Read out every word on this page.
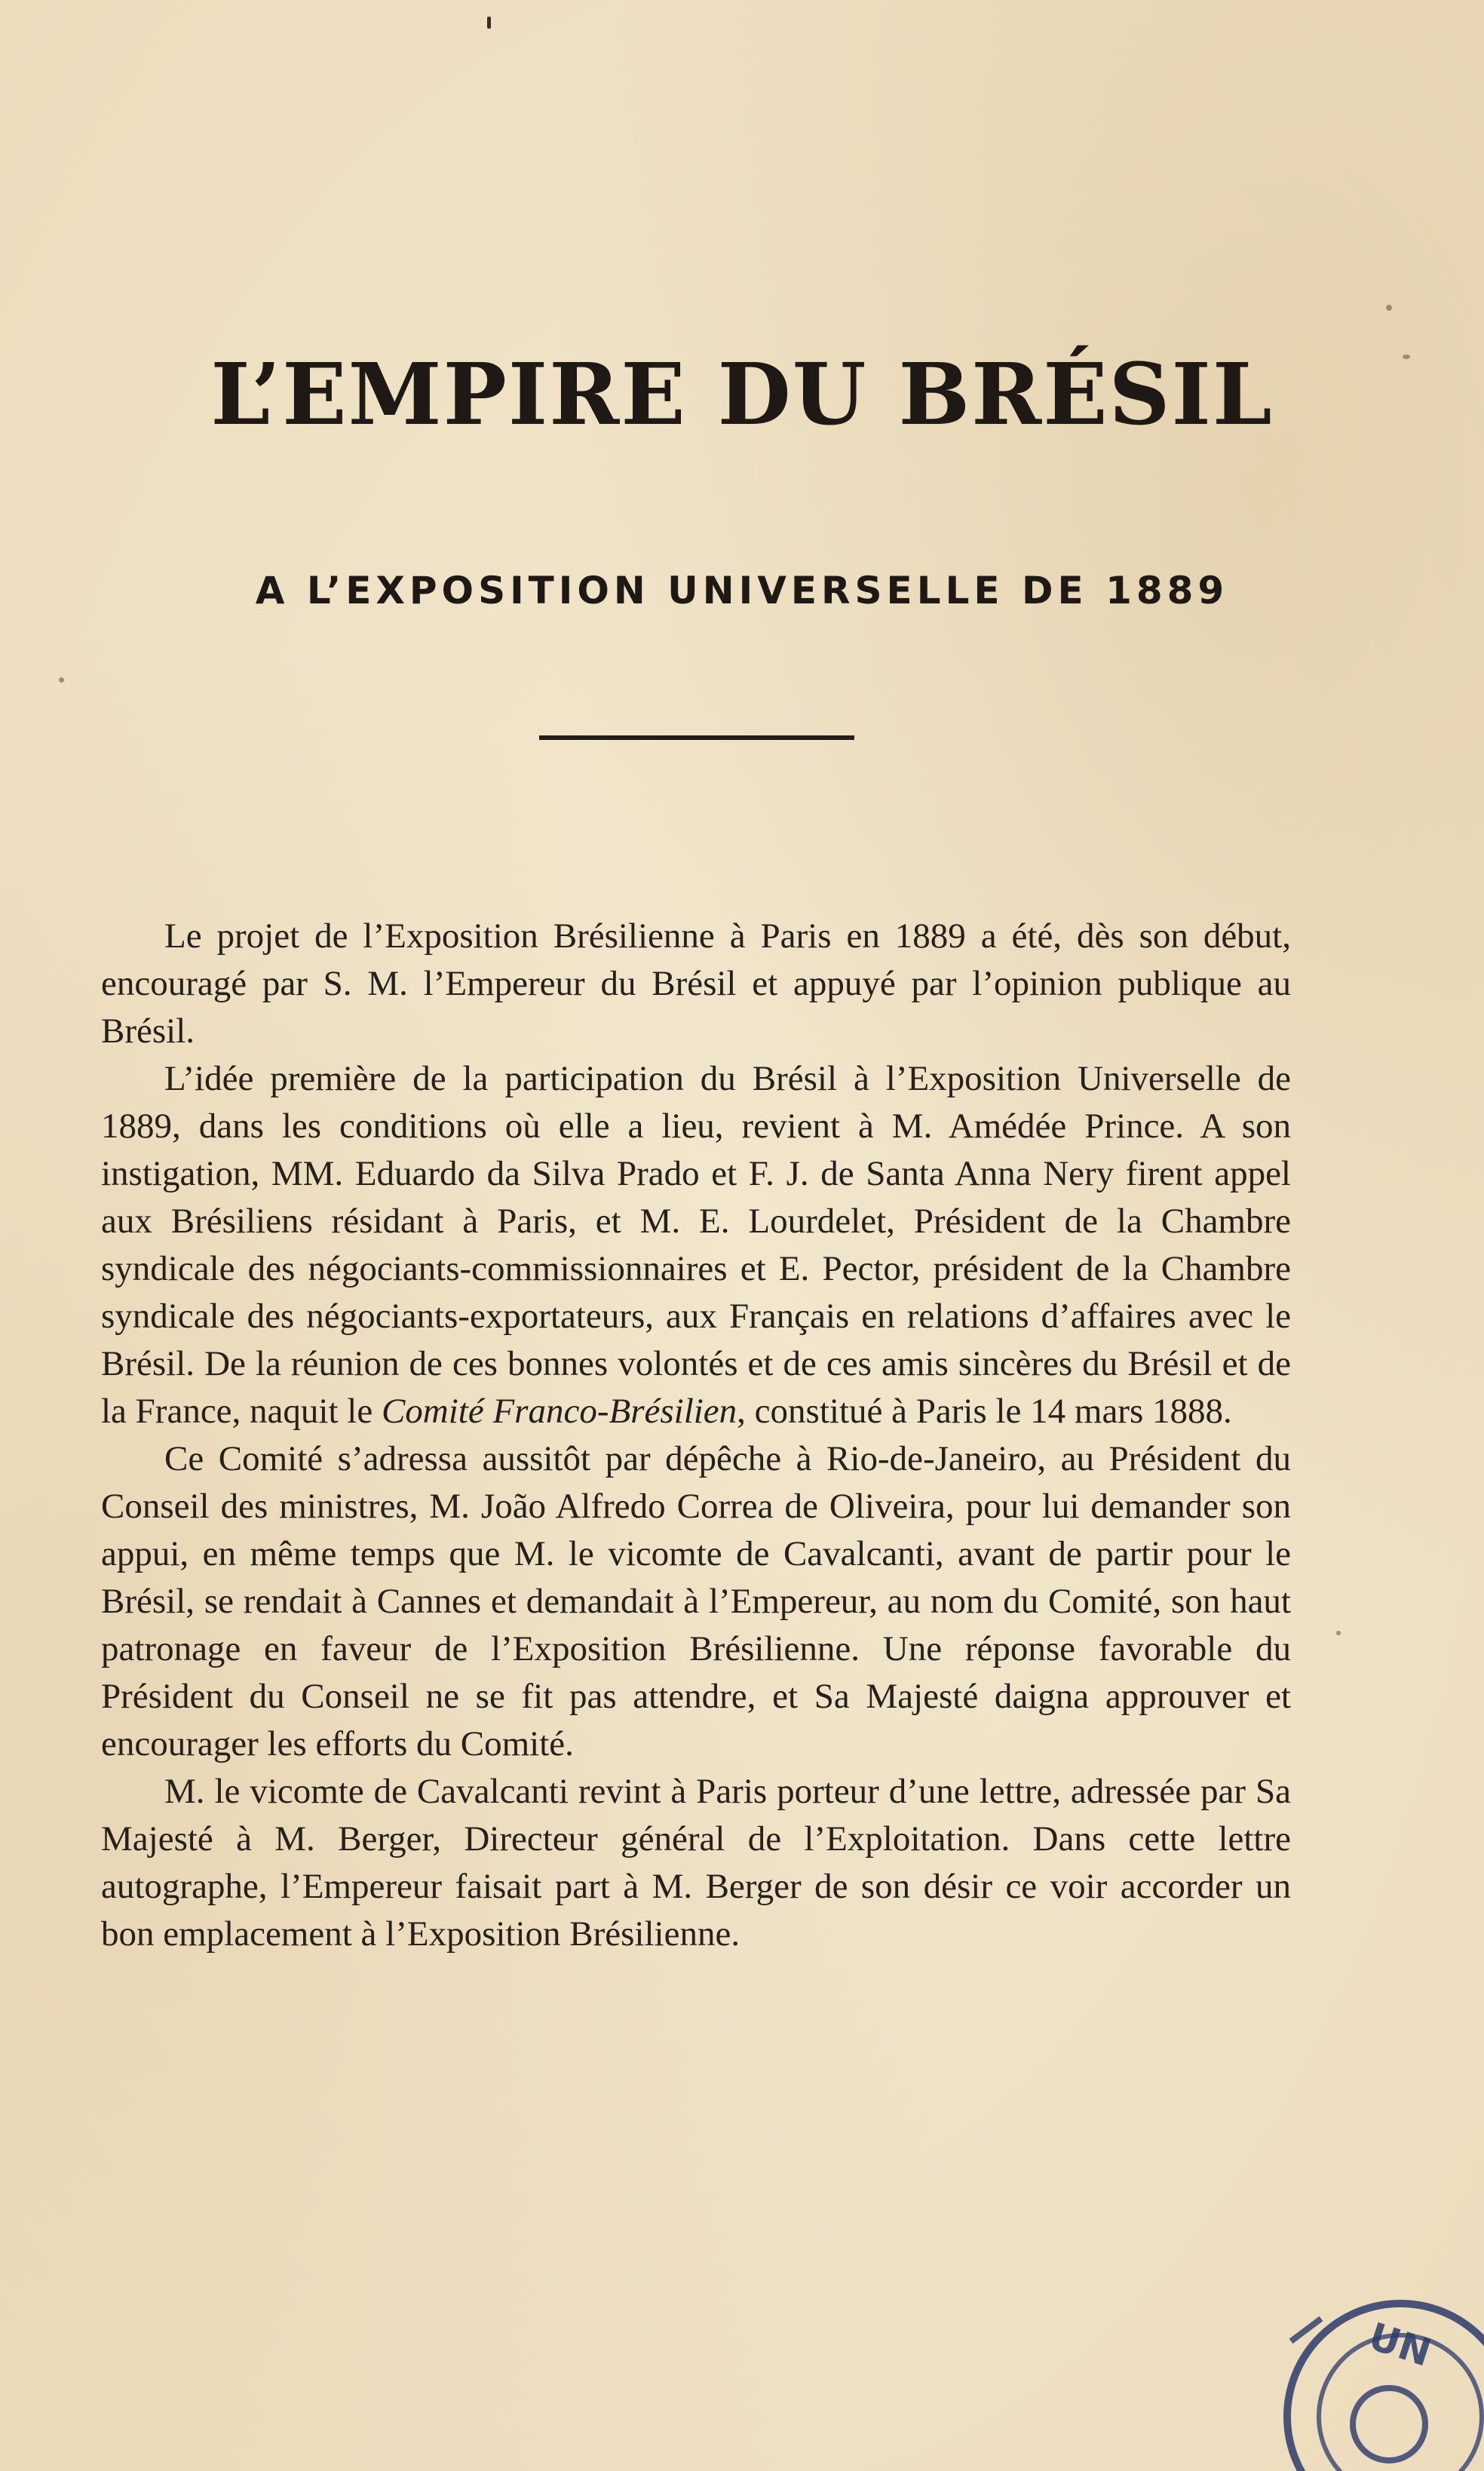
L’EMPIRE DU BRÉSIL
A L’EXPOSITION UNIVERSELLE DE 1889

Le projet de l’Exposition Brésilienne à Paris en 1889 a été, dès son début, encouragé par S. M. l’Empereur du Brésil et appuyé par l’opinion publique au Brésil.

L’idée première de la participation du Brésil à l’Exposition Universelle de 1889, dans les conditions où elle a lieu, revient à M. Amédée Prince. A son instigation, MM. Eduardo da Silva Prado et F. J. de Santa Anna Nery firent appel aux Brésiliens résidant à Paris, et M. E. Lourdelet, Président de la Chambre syndicale des négociants-commissionnaires et E. Pector, président de la Chambre syndicale des négociants-exportateurs, aux Français en relations d’affaires avec le Brésil. De la réunion de ces bonnes volontés et de ces amis sincères du Brésil et de la France, naquit le Comité Franco-Brésilien, constitué à Paris le 14 mars 1888.

Ce Comité s’adressa aussitôt par dépêche à Rio-de-Janeiro, au Président du Conseil des ministres, M. João Alfredo Correa de Oliveira, pour lui demander son appui, en même temps que M. le vicomte de Cavalcanti, avant de partir pour le Brésil, se rendait à Cannes et demandait à l’Empereur, au nom du Comité, son haut patronage en faveur de l’Exposition Brésilienne. Une réponse favorable du Président du Conseil ne se fit pas attendre, et Sa Majesté daigna approuver et encourager les efforts du Comité.

M. le vicomte de Cavalcanti revint à Paris porteur d’une lettre, adressée par Sa Majesté à M. Berger, Directeur général de l’Exploitation. Dans cette lettre autographe, l’Empereur faisait part à M. Berger de son désir ce voir accorder un bon emplacement à l’Exposition Brésilienne.

UN
